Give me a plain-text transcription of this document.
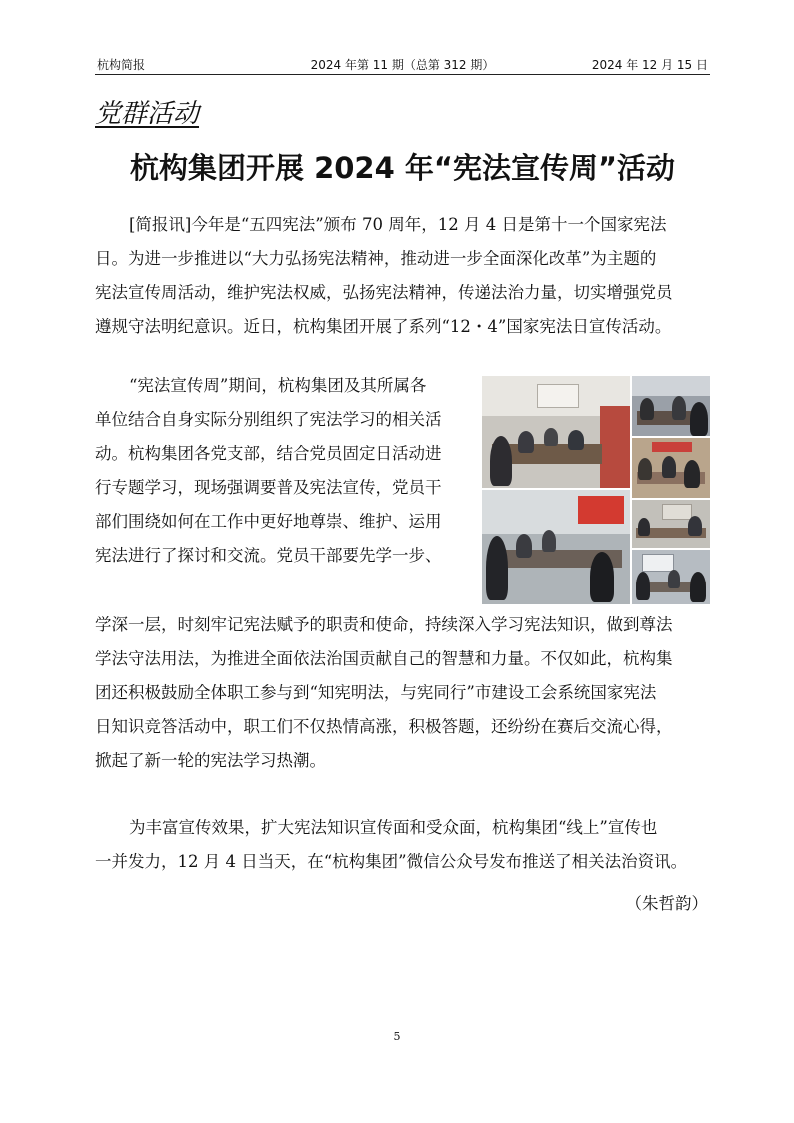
杭构简报	2024 年第 11 期（总第 312 期）	2024 年 12 月 15 日
党群活动
杭构集团开展 2024 年“宪法宣传周”活动
[简报讯]今年是“五四宪法”颁布 70 周年，12 月 4 日是第十一个国家宪法
日。为进一步推进以“大力弘扬宪法精神，推动进一步全面深化改革”为主题的
宪法宣传周活动，维护宪法权威，弘扬宪法精神，传递法治力量，切实增强党员
遵规守法明纪意识。近日，杭构集团开展了系列“12・4”国家宪法日宣传活动。
“宪法宣传周”期间，杭构集团及其所属各
单位结合自身实际分别组织了宪法学习的相关活
动。杭构集团各党支部，结合党员固定日活动进
行专题学习，现场强调要普及宪法宣传，党员干
部们围绕如何在工作中更好地尊崇、维护、运用
宪法进行了探讨和交流。党员干部要先学一步、
学深一层，时刻牢记宪法赋予的职责和使命，持续深入学习宪法知识，做到尊法
学法守法用法，为推进全面依法治国贡献自己的智慧和力量。不仅如此，杭构集
团还积极鼓励全体职工参与到“知宪明法，与宪同行”市建设工会系统国家宪法
日知识竞答活动中，职工们不仅热情高涨，积极答题，还纷纷在赛后交流心得，
掀起了新一轮的宪法学习热潮。
为丰富宣传效果，扩大宪法知识宣传面和受众面，杭构集团“线上”宣传也
一并发力，12 月 4 日当天，在“杭构集团”微信公众号发布推送了相关法治资讯。
（朱哲韵）
5
